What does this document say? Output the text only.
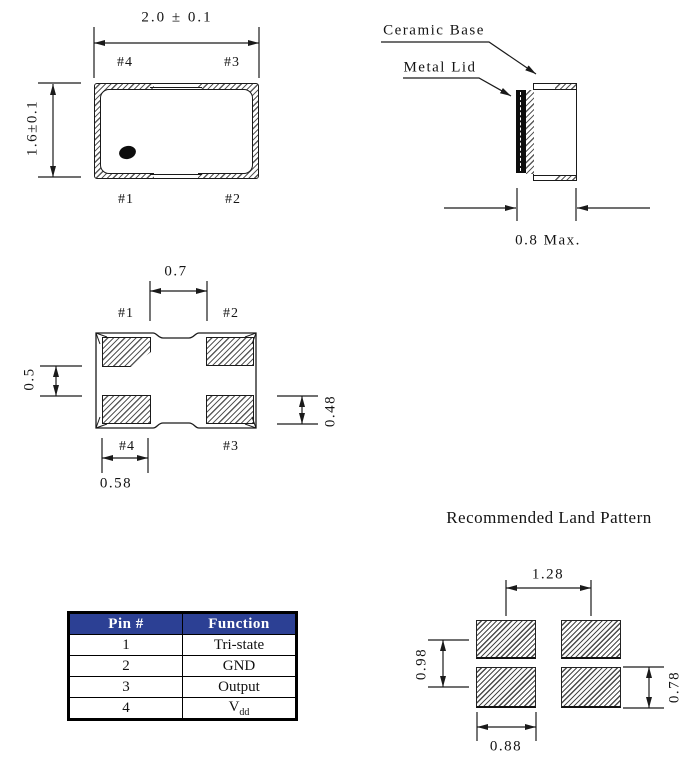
2.0 ± 0.1
1.6±0.1
#4	#3
#1	#2
Ceramic Base
Metal Lid
0.8 Max.
0.7
#1	#2
#4	#3
0.5
0.48
0.58
Recommended Land Pattern
1.28
0.98
0.78
0.88
Pin #	Function
1	Tri-state
2	GND
3	Output
4	$V_{dd}$
